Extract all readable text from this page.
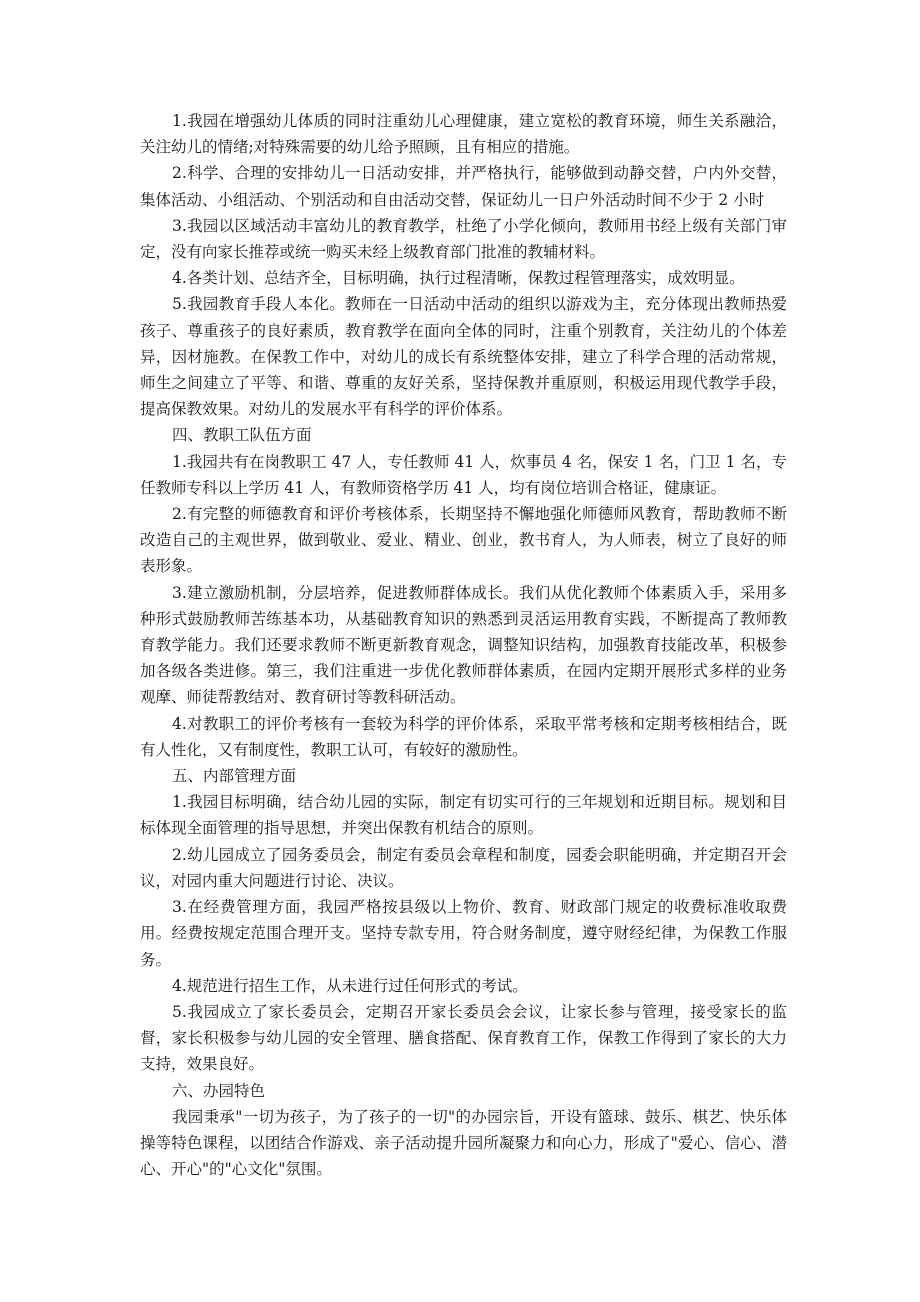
1.我园在增强幼儿体质的同时注重幼儿心理健康，建立宽松的教育环境，师生关系融洽，关注幼儿的情绪;对特殊需要的幼儿给予照顾，且有相应的措施。

2.科学、合理的安排幼儿一日活动安排，并严格执行，能够做到动静交替，户内外交替，集体活动、小组活动、个别活动和自由活动交替，保证幼儿一日户外活动时间不少于 2 小时

3.我园以区域活动丰富幼儿的教育教学，杜绝了小学化倾向，教师用书经上级有关部门审定，没有向家长推荐或统一购买未经上级教育部门批准的教辅材料。

4.各类计划、总结齐全，目标明确，执行过程清晰，保教过程管理落实，成效明显。

5.我园教育手段人本化。教师在一日活动中活动的组织以游戏为主，充分体现出教师热爱孩子、尊重孩子的良好素质，教育教学在面向全体的同时，注重个别教育，关注幼儿的个体差异，因材施教。在保教工作中，对幼儿的成长有系统整体安排，建立了科学合理的活动常规，师生之间建立了平等、和谐、尊重的友好关系，坚持保教并重原则，积极运用现代教学手段，提高保教效果。对幼儿的发展水平有科学的评价体系。

四、教职工队伍方面

1.我园共有在岗教职工 47 人，专任教师 41 人，炊事员 4 名，保安 1 名，门卫 1 名，专任教师专科以上学历 41 人，有教师资格学历 41 人，均有岗位培训合格证，健康证。

2.有完整的师德教育和评价考核体系，长期坚持不懈地强化师德师风教育，帮助教师不断改造自己的主观世界，做到敬业、爱业、精业、创业，教书育人，为人师表，树立了良好的师表形象。

3.建立激励机制，分层培养，促进教师群体成长。我们从优化教师个体素质入手，采用多种形式鼓励教师苦练基本功，从基础教育知识的熟悉到灵活运用教育实践，不断提高了教师教育教学能力。我们还要求教师不断更新教育观念，调整知识结构，加强教育技能改革，积极参加各级各类进修。第三，我们注重进一步优化教师群体素质，在园内定期开展形式多样的业务观摩、师徒帮教结对、教育研讨等教科研活动。

4.对教职工的评价考核有一套较为科学的评价体系，采取平常考核和定期考核相结合，既有人性化，又有制度性，教职工认可，有较好的激励性。

五、内部管理方面

1.我园目标明确，结合幼儿园的实际，制定有切实可行的三年规划和近期目标。规划和目标体现全面管理的指导思想，并突出保教有机结合的原则。

2.幼儿园成立了园务委员会，制定有委员会章程和制度，园委会职能明确，并定期召开会议，对园内重大问题进行讨论、决议。

3.在经费管理方面，我园严格按县级以上物价、教育、财政部门规定的收费标准收取费用。经费按规定范围合理开支。坚持专款专用，符合财务制度，遵守财经纪律，为保教工作服务。

4.规范进行招生工作，从未进行过任何形式的考试。

5.我园成立了家长委员会，定期召开家长委员会会议，让家长参与管理，接受家长的监督，家长积极参与幼儿园的安全管理、膳食搭配、保育教育工作，保教工作得到了家长的大力支持，效果良好。

六、办园特色

我园秉承"一切为孩子，为了孩子的一切"的办园宗旨，开设有篮球、鼓乐、棋艺、快乐体操等特色课程，以团结合作游戏、亲子活动提升园所凝聚力和向心力，形成了"爱心、信心、潜心、开心"的"心文化"氛围。
